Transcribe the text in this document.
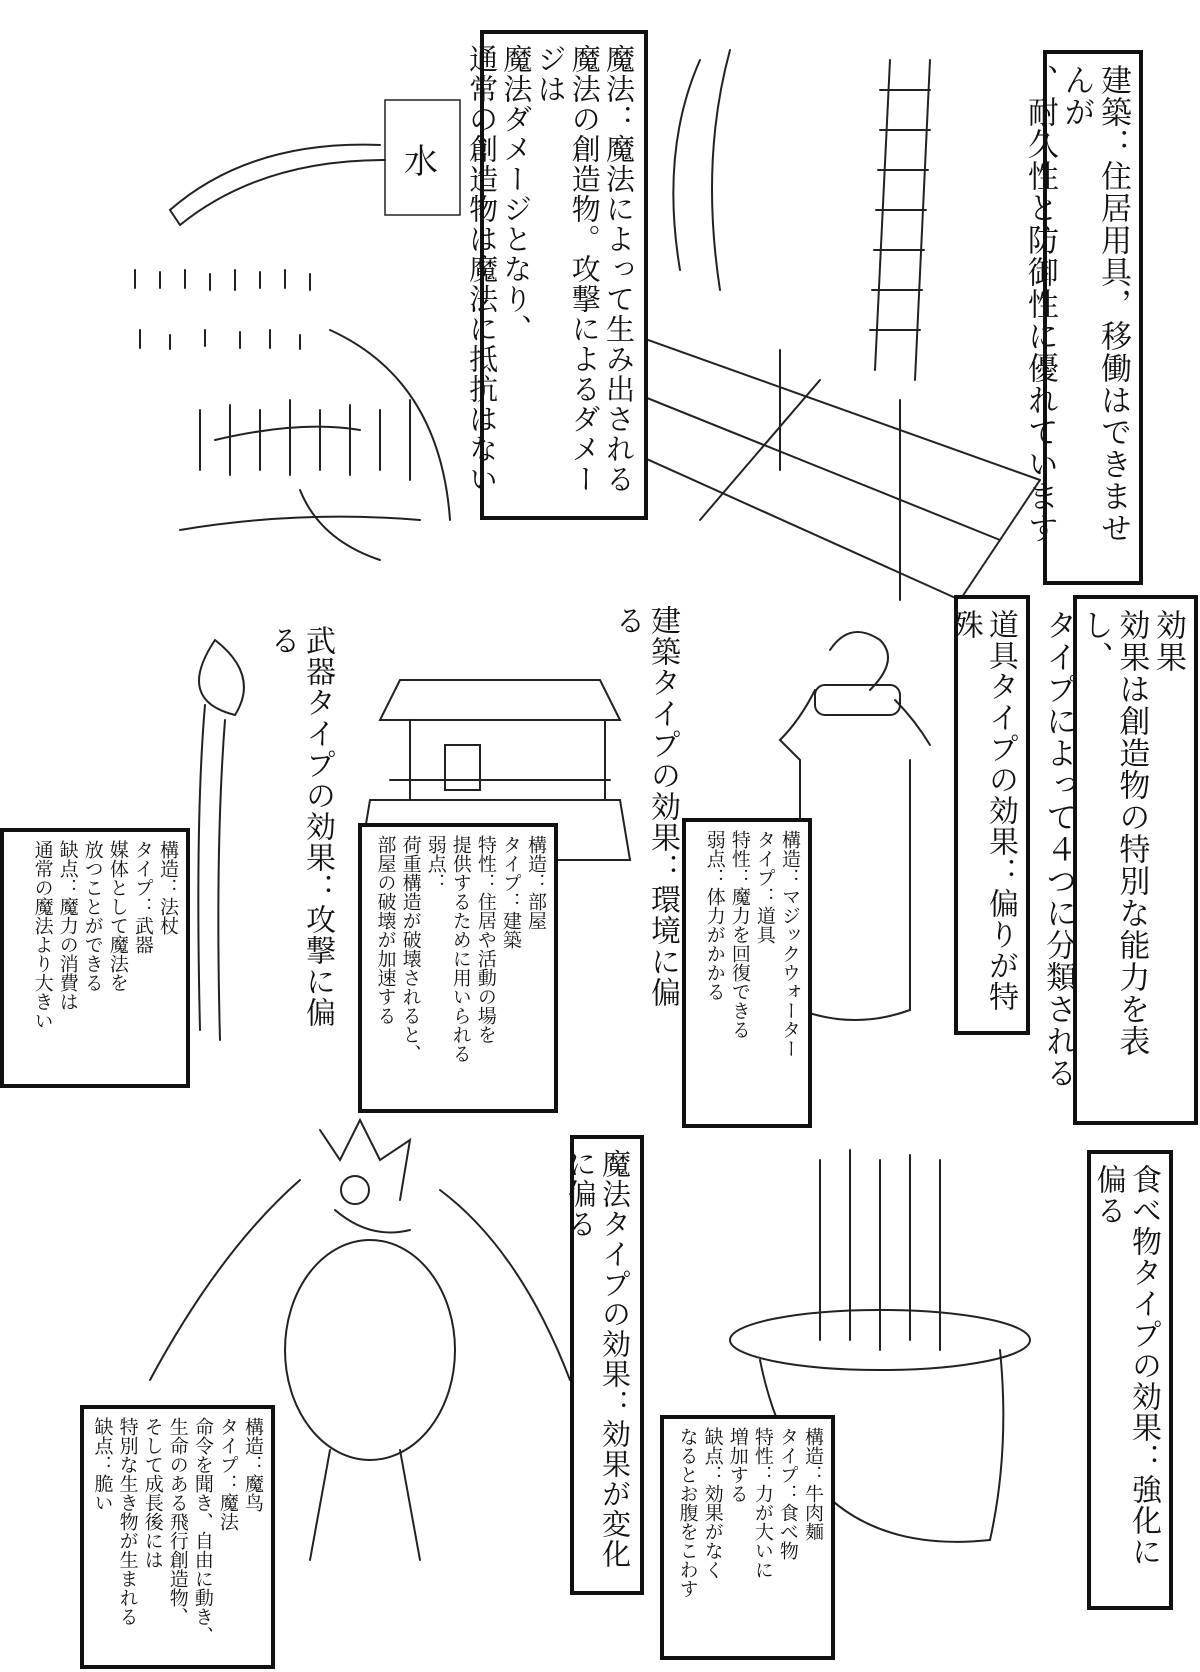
建築：住居用具，移働はできませんが
、耐久性と防御性に優れています
魔法：魔法によって生み出される
魔法の創造物。攻撃によるダメージは
魔法ダメージとなり、
通常の創造物は魔法に抵抗はない
効果
効果は創造物の特別な能力を表し、
タイプによって４つに分類される
武器タイプの効果：攻撃に偏る	建築タイプの効果：環境に偏る	道具タイプの効果：偏りが特殊
魔法タイプの効果：効果が変化に偏る	食べ物タイプの効果：強化に偏る
構造：法杖
タイプ：武器
媒体として魔法を
放つことができる
缺点：魔力の消費は
通常の魔法より大きい	構造：部屋
タイプ：建築
特性：住居や活動の場を
提供するために用いられる
弱点：
荷重構造が破壊されると、
部屋の破壊が加速する	構造：マジックウォーター
タイプ：道具
特性：魔力を回復できる
弱点：体力がかかる
構造：魔鸟
タイプ：魔法
命令を聞き、自由に動き、
生命のある飛行創造物、
そして成長後には
特別な生き物が生まれる
缺点：脆い	構造：牛肉麺
タイプ：食べ物
特性：力が大いに
増加する
缺点：効果がなく
なるとお腹をこわす
水
